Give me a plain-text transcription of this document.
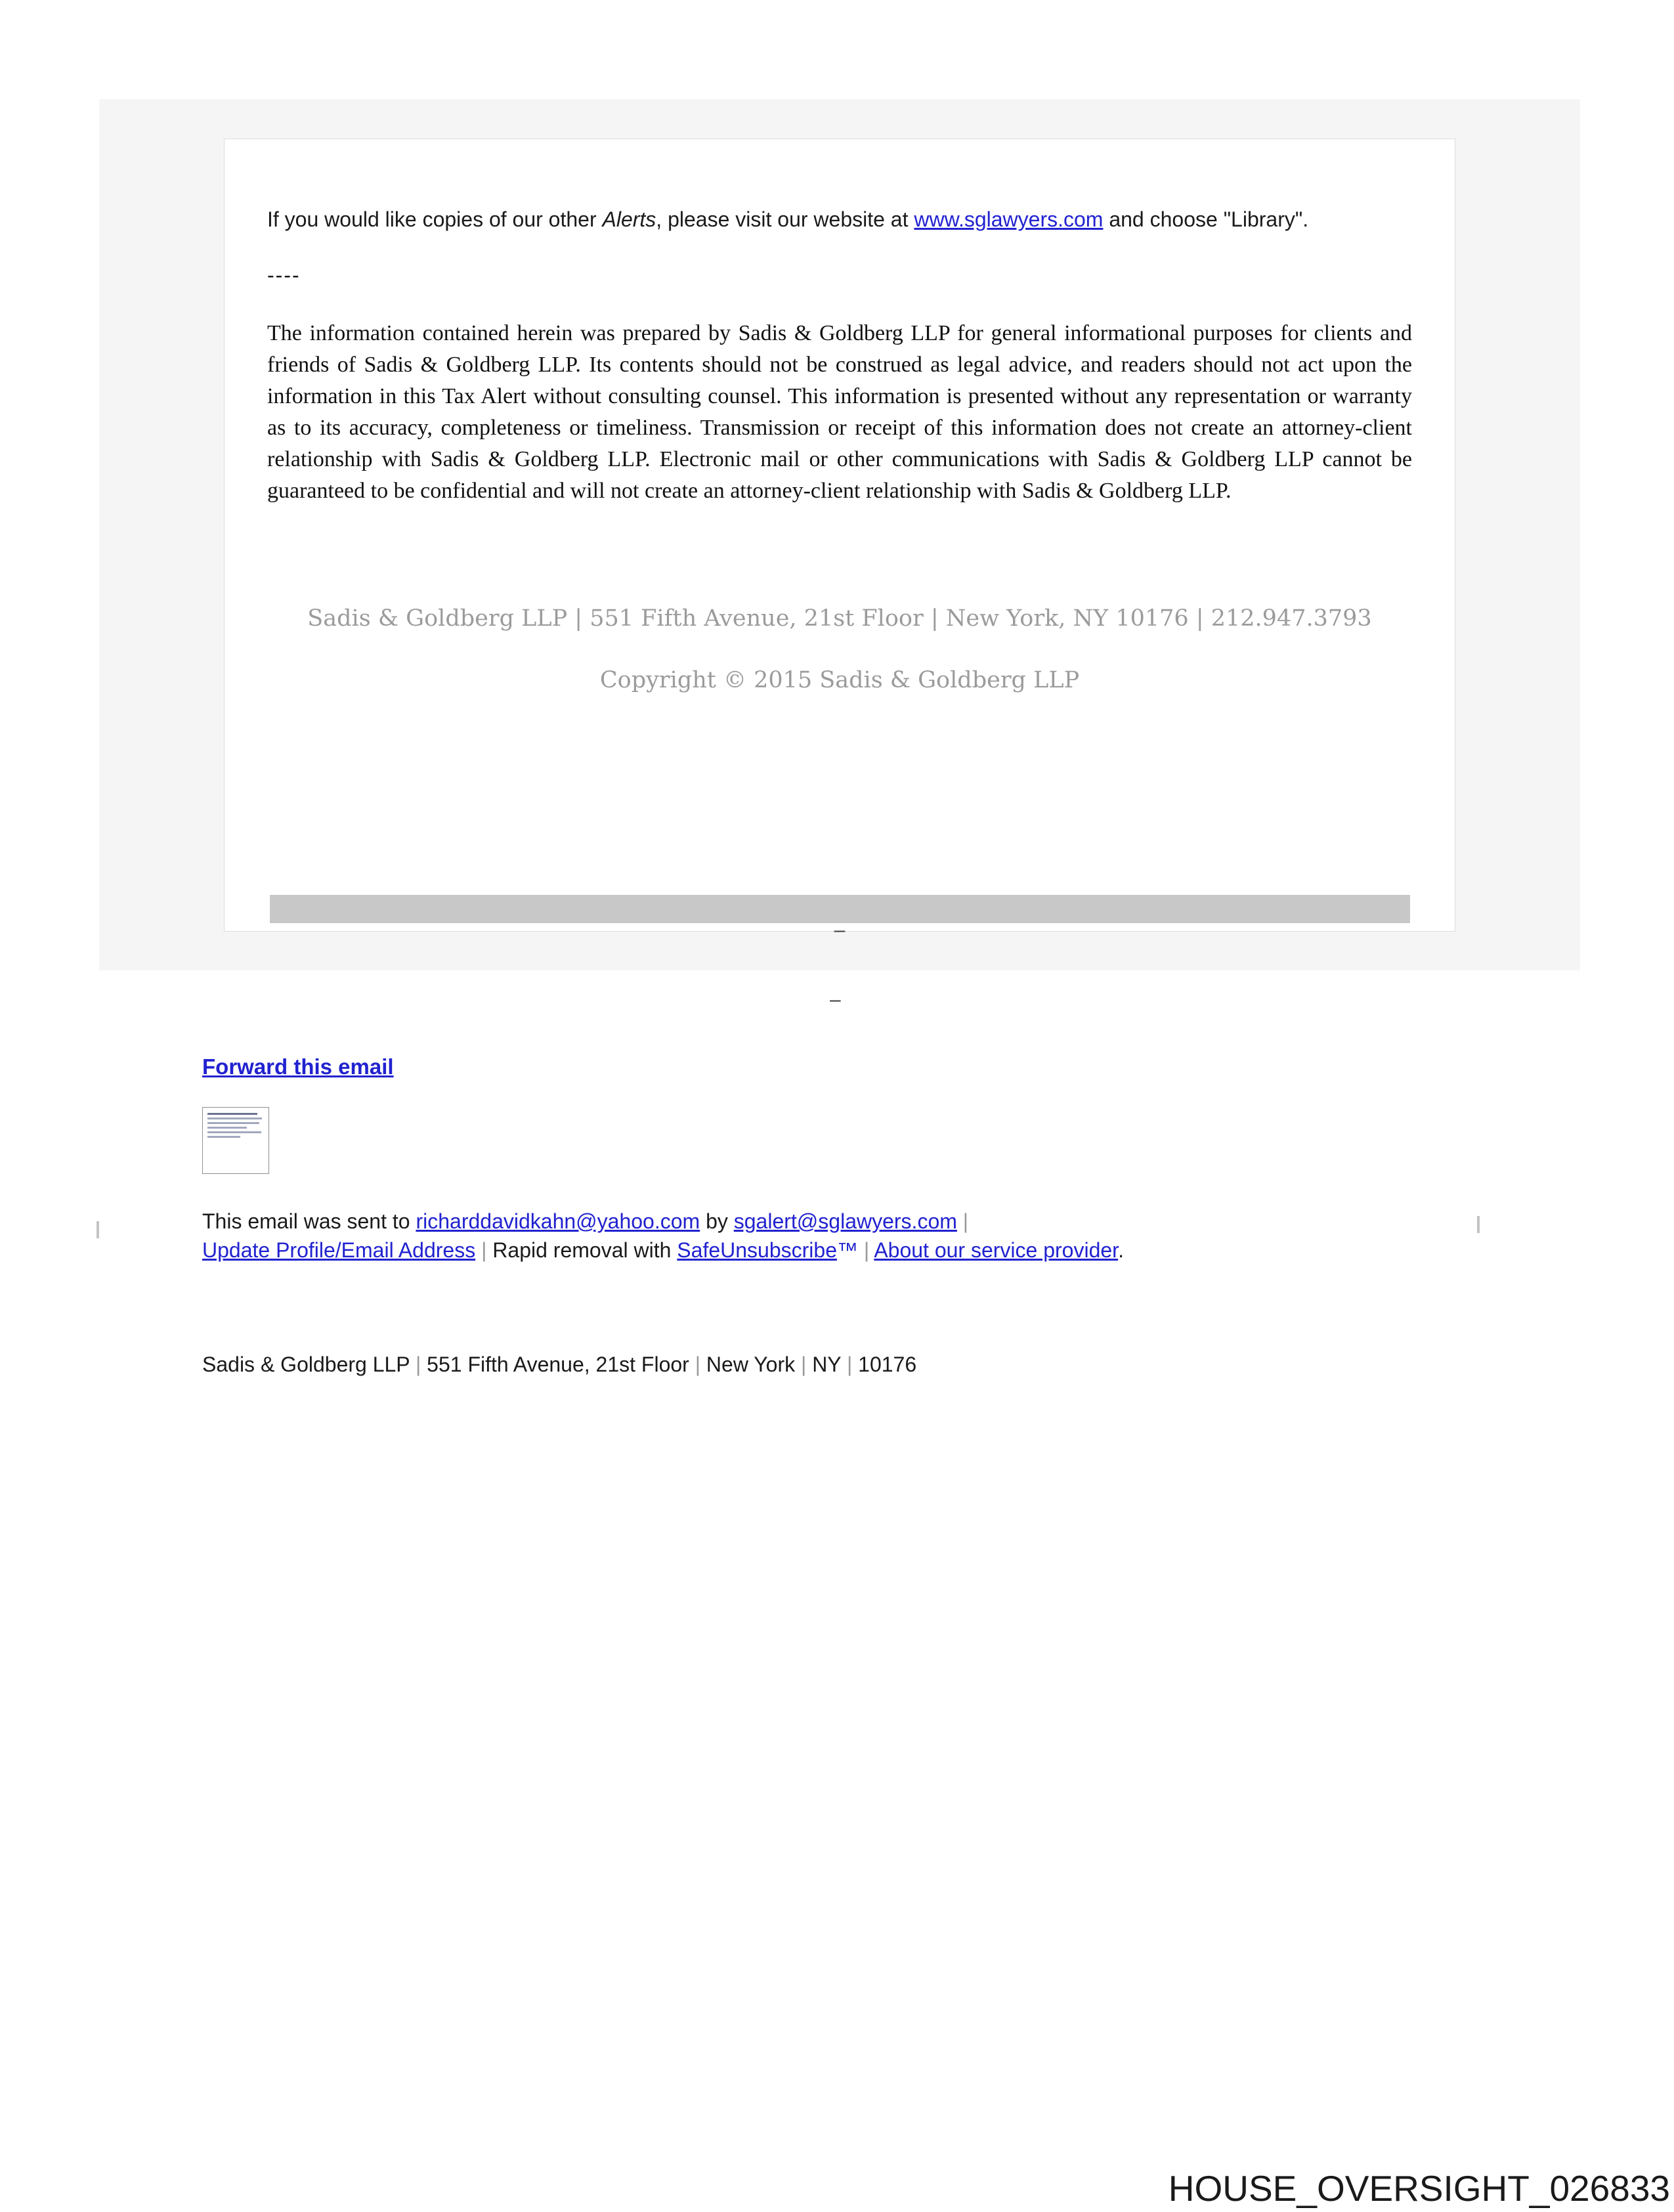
If you would like copies of our other Alerts, please visit our website at www.sglawyers.com and choose "Library".

----

The information contained herein was prepared by Sadis & Goldberg LLP for general informational purposes for clients and friends of Sadis & Goldberg LLP. Its contents should not be construed as legal advice, and readers should not act upon the information in this Tax Alert without consulting counsel. This information is presented without any representation or warranty as to its accuracy, completeness or timeliness. Transmission or receipt of this information does not create an attorney-client relationship with Sadis & Goldberg LLP. Electronic mail or other communications with Sadis & Goldberg LLP cannot be guaranteed to be confidential and will not create an attorney-client relationship with Sadis & Goldberg LLP.

Sadis & Goldberg LLP | 551 Fifth Avenue, 21st Floor | New York, NY 10176 | 212.947.3793

Copyright © 2015 Sadis & Goldberg LLP

–
–
Forward this email
This email was sent to richarddavidkahn@yahoo.com by sgalert@sglawyers.com |
Update Profile/Email Address | Rapid removal with SafeUnsubscribe™ | About our service provider.
Sadis & Goldberg LLP | 551 Fifth Avenue, 21st Floor | New York | NY | 10176
HOUSE_OVERSIGHT_026833
